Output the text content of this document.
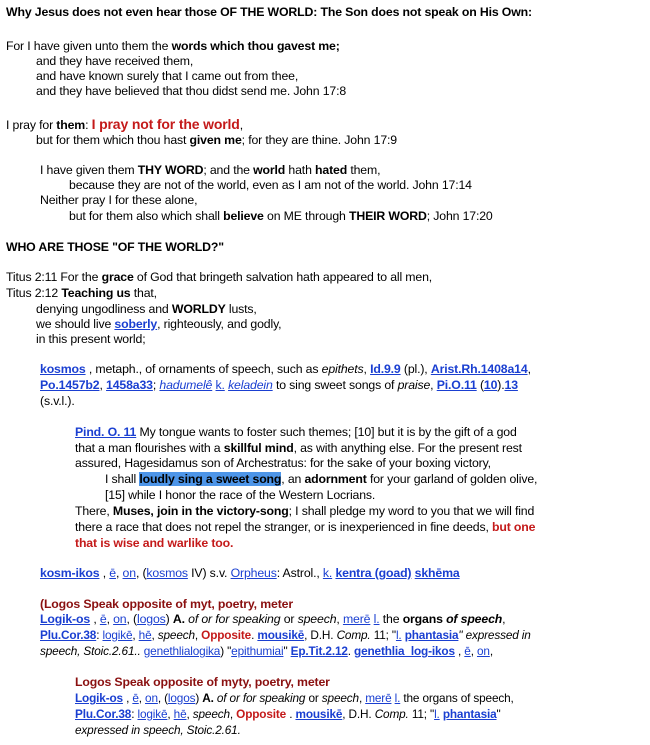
Why Jesus does not even hear those OF THE WORLD: The Son does not speak on His Own:
For I have given unto them the words which thou gavest me;
and they have received them,
and have known surely that I came out from thee,
and they have believed that thou didst send me. John 17:8
I pray for them: I pray not for the world,
but for them which thou hast given me; for they are thine. John 17:9
I have given them THY WORD; and the world hath hated them,
because they are not of the world, even as I am not of the world. John 17:14
Neither pray I for these alone,
but for them also which shall believe on ME through THEIR WORD; John 17:20
WHO ARE THOSE "OF THE WORLD?"
Titus 2:11 For the grace of God that bringeth salvation hath appeared to all men,
Titus 2:12 Teaching us that,
denying ungodliness and WORLDY lusts,
we should live soberly, righteously, and godly,
in this present world;
kosmos , metaph., of ornaments of speech, such as epithets, Id.9.9 (pl.), Arist.Rh.1408a14,
Po.1457b2, 1458a33; hadumelê k. keladein to sing sweet songs of praise, Pi.O.11 (10).13
(s.v.l.).
Pind. O. 11 My tongue wants to foster such themes; [10] but it is by the gift of a god
that a man flourishes with a skillful mind, as with anything else. For the present rest
assured, Hagesidamus son of Archestratus: for the sake of your boxing victory,
I shall loudly sing a sweet song, an adornment for your garland of golden olive,
[15] while I honor the race of the Western Locrians.
There, Muses, join in the victory-song; I shall pledge my word to you that we will find
there a race that does not repel the stranger, or is inexperienced in fine deeds, but one
that is wise and warlike too.
kosm-ikos , ē, on, (kosmos IV) s.v. Orpheus: Astrol., k. kentra (goad) skhēma
(Logos Speak opposite of myt, poetry, meter
Logik-os , ē, on, (logos) A. of or for speaking or speech, merē l. the organs of speech,
Plu.Cor.38: logikē, hē, speech, Opposite. mousikē, D.H. Comp. 11; "l. phantasia" expressed in
speech, Stoic.2.61.. genethlialogika) "epithumiai" Ep.Tit.2.12. genethlia_log-ikos , ē, on,
Logos Speak opposite of myty, poetry, meter
Logik-os , ē, on, (logos) A. of or for speaking or speech, merē l. the organs of speech,
Plu.Cor.38: logikē, hē, speech, Opposite . mousikē, D.H. Comp. 11; "l. phantasia"
expressed in speech, Stoic.2.61.
